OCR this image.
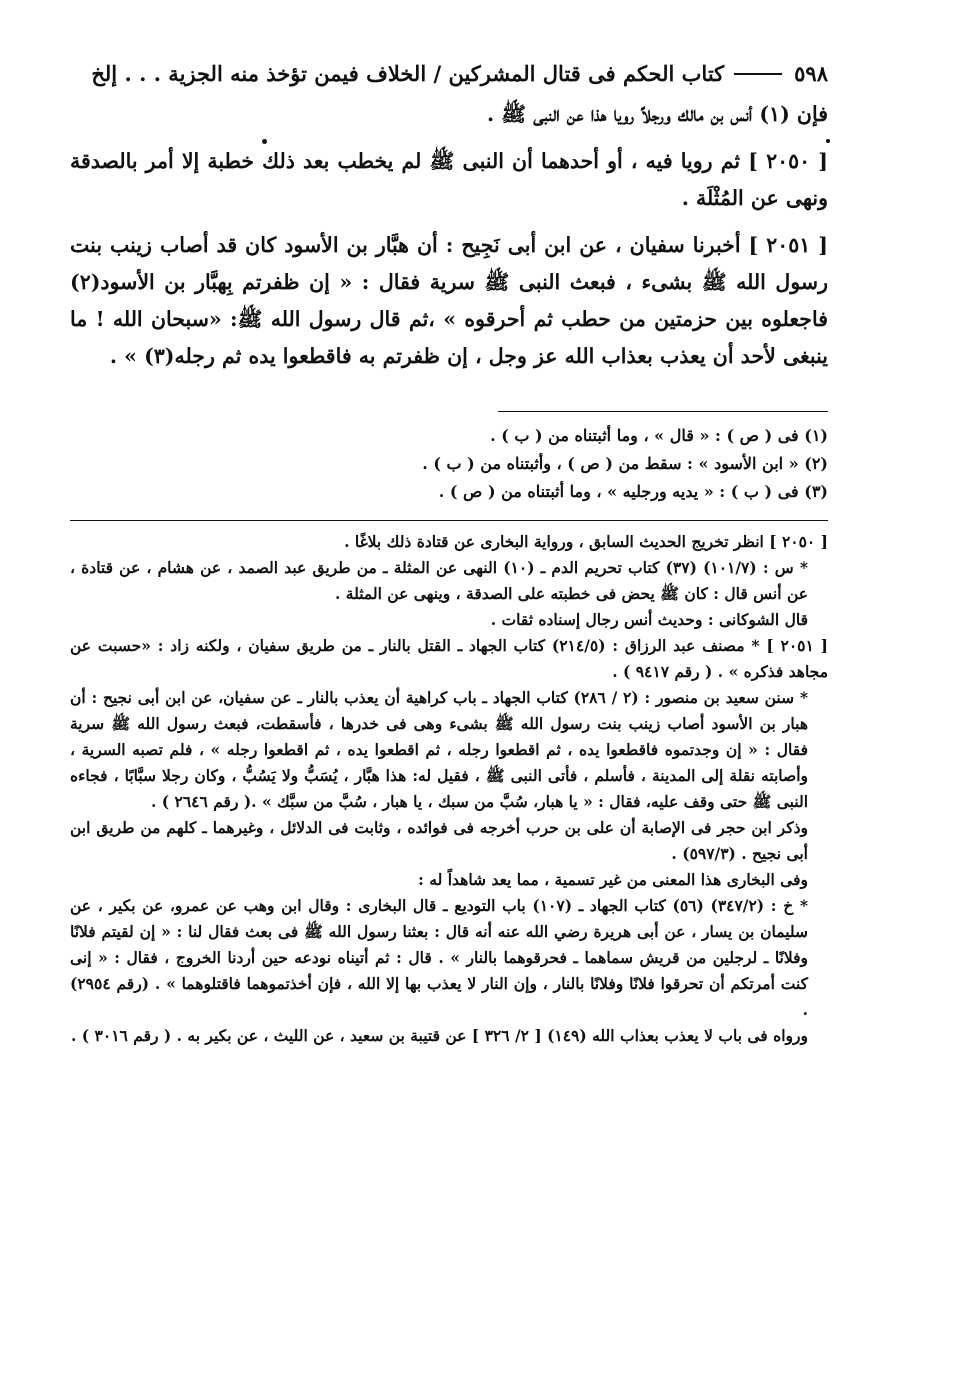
٥٩٨
كتاب الحكم فى قتال المشركين / الخلاف فيمن تؤخذ منه الجزية . . . إلخ

فإن (١) أنس بن مالك ورجلاً رويا هذا عن النبى ﷺ .

[ ٢٠٥٠ ] ثم رويا فيه ، أو أحدهما أن النبى ﷺ لم يخطب بعد ذلك خطبة إلا أمر بالصدقة ونهى عن المُثْلَة .

[ ٢٠٥١ ] أخبرنا سفيان ، عن ابن أبى نَجِيح : أن هبَّار بن الأسود كان قد أصاب زينب بنت رسول الله ﷺ بشىء ، فبعث النبى ﷺ سرية فقال : « إن ظفرتم بِهبَّار بن الأسود(٢) فاجعلوه بين حزمتين من حطب ثم أحرقوه » ،ثم قال رسول الله ﷺ: «سبحان الله ! ما ينبغى لأحد أن يعذب بعذاب الله عز وجل ، إن ظفرتم به فاقطعوا يده ثم رجله(٣) » .

(١) فى ( ص ) : « قال » ، وما أثبتناه من ( ب ) .

(٢) « ابن الأسود » : سقط من ( ص ) ، وأثبتناه من ( ب ) .

(٣) فى ( ب ) : « يديه ورجليه » ، وما أثبتناه من ( ص ) .

[ ٢٠٥٠ ] انظر تخريج الحديث السابق ، ورواية البخارى عن قتادة ذلك بلاغًا .

* س : (١٠١/٧) (٣٧) كتاب تحريم الدم ـ (١٠) النهى عن المثلة ـ من طريق عبد الصمد ، عن هشام ، عن قتادة ، عن أنس قال : كان ﷺ يحض فى خطبته على الصدقة ، وينهى عن المثلة .

قال الشوكانى : وحديث أنس رجال إسناده ثقات .

[ ٢٠٥١ ] * مصنف عبد الرزاق : (٢١٤/٥) كتاب الجهاد ـ القتل بالنار ـ من طريق سفيان ، ولكنه زاد : «حسبت عن مجاهد فذكره » . ( رقم ٩٤١٧ ) .

* سنن سعيد بن منصور : (٢ / ٢٨٦) كتاب الجهاد ـ باب كراهية أن يعذب بالنار ـ عن سفيان، عن ابن أبى نجيح : أن هبار بن الأسود أصاب زينب بنت رسول الله ﷺ بشىء وهى فى خدرها ، فأسقطت، فبعث رسول الله ﷺ سرية فقال : « إن وجدتموه فاقطعوا يده ، ثم اقطعوا رجله ، ثم اقطعوا يده ، ثم اقطعوا رجله » ، فلم تصبه السرية ، وأصابته نقلة إلى المدينة ، فأسلم ، فأتى النبى ﷺ ، فقيل له: هذا هبَّار ، يُسَبُّ ولا يَسُبُّ ، وكان رجلا سبَّابًا ، فجاءه النبى ﷺ حتى وقف عليه، فقال : « يا هبار، سُبَّ من سبك ، يا هبار ، سُبَّ من سبَّك » .( رقم ٢٦٤٦ ) .

وذكر ابن حجر فى الإصابة أن على بن حرب أخرجه فى فوائده ، وثابت فى الدلائل ، وغيرهما ـ كلهم من طريق ابن أبى نجيح . (٥٩٧/٣) .

وفى البخارى هذا المعنى من غير تسمية ، مما يعد شاهداً له :

* خ : (٣٤٧/٢) (٥٦) كتاب الجهاد ـ (١٠٧) باب التوديع ـ قال البخارى : وقال ابن وهب عن عمرو، عن بكير ، عن سليمان بن يسار ، عن أبى هريرة رضي الله عنه أنه قال : بعثنا رسول الله ﷺ فى بعث فقال لنا : « إن لقيتم فلانًا وفلانًا ـ لرجلين من قريش سماهما ـ فحرقوهما بالنار » . قال : ثم أتيناه نودعه حين أردنا الخروج ، فقال : « إنى كنت أمرتكم أن تحرقوا فلانًا وفلانًا بالنار ، وإن النار لا يعذب بها إلا الله ، فإن أخذتموهما فاقتلوهما » . (رقم ٢٩٥٤) .

ورواه فى باب لا يعذب بعذاب الله (١٤٩) [ ٢/ ٣٢٦ ] عن قتيبة بن سعيد ، عن الليث ، عن بكير به . ( رقم ٣٠١٦ ) .
